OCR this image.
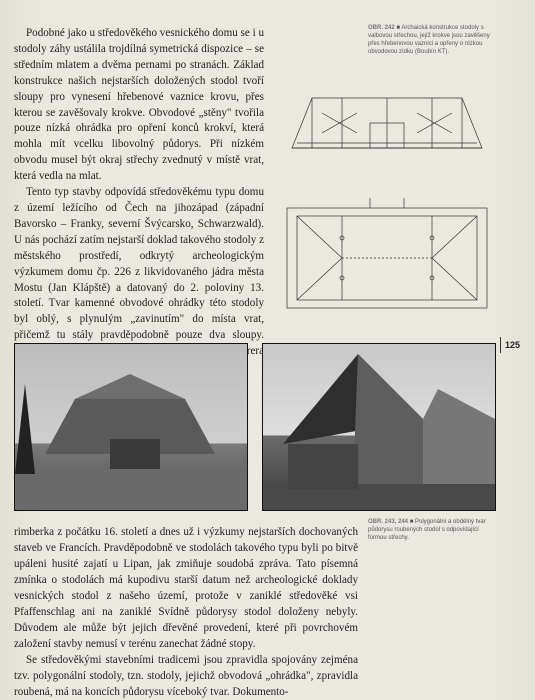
Podobné jako u středověkého vesnického domu se i u stodoly záhy ustálila trojdílná symetrická dispozice – se středním mlatem a dvěma pernami po stranách. Základ konstrukce našich nejstarších doložených stodol tvoří sloupy pro vynesení hřebenové vaznice krovu, přes kterou se zavěšovaly krokve. Obvodové „stěny" tvořila pouze nízká ohrádka pro opření konců krokví, která mohla mít vcelku libovolný půdorys. Při nízkém obvodu musel být okraj střechy zvednutý v místě vrat, která vedla na mlat.

Tento typ stavby odpovídá středověkému typu domu z území ležícího od Čech na jihozápad (západní Bavorsko – Franky, severní Švýcarsko, Schwarzwald). U nás pochází zatím nejstarší doklad takového stodoly z městského prostředí, odkrytý archeologickým výzkumem domu čp. 226 z likvidovaného jádra města Mostu (Jan Klápště) a datovaný do 2. poloviny 13. století. Tvar kamenné obvodové ohrádky této stodoly byl oblý, s plynulým „zavinutím" do místa vrat, přičemž tu stály pravděpodobně pouze dva sloupy. Dürera

OBR. 242 ■ Archaická konstrukce stodoly s valbovou střechou, jejíž krokve jsou zavěšeny přes hřebenovou vaznici a opřeny o nízkou obvodovou zídku (Boubín KT).
125
OBR. 243, 244 ■ Polygonální a obdélný tvar půdorysu roubených stodol s odpovídající formou střechy.

rimberka z počátku 16. století a dnes už i výzkumy nejstarších dochovaných staveb ve Francích. Pravděpodobně ve stodolách takového typu byli po bitvě upáleni husité zajatí u Lipan, jak zmiňuje soudobá zpráva. Tato písemná zmínka o stodolách má kupodivu starší datum než archeologické doklady vesnických stodol z našeho území, protože v zaniklé středověké vsi Pfaffenschlag ani na zaniklé Svídně půdorysy stodol doloženy nebyly. Důvodem ale může být jejich dřevěné provedení, které při povrchovém založení stavby nemusí v terénu zanechat žádné stopy.

Se středověkými stavebními tradicemi jsou zpravidla spojovány zejména tzv. polygonální stodoly, tzn. stodoly, jejichž obvodová „ohrádka", zpravidla roubená, má na koncích půdorysu víceboký tvar. Dokumento-
